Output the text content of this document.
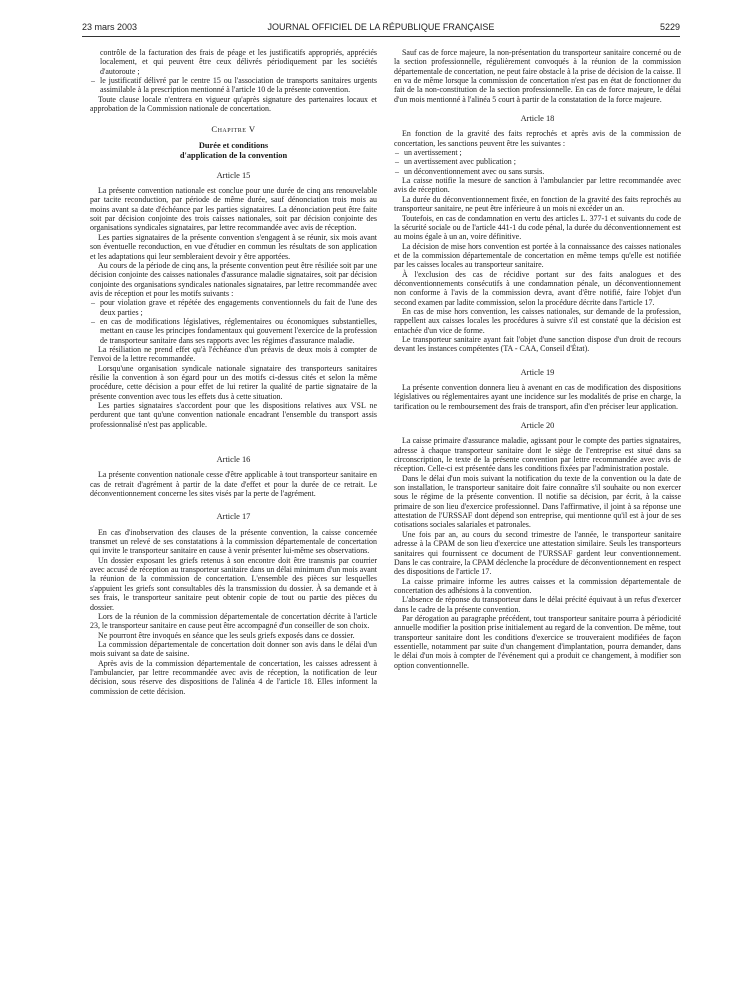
23 mars 2003	JOURNAL OFFICIEL DE LA RÉPUBLIQUE FRANÇAISE	5229
contrôle de la facturation des frais de péage et les justificatifs appropriés, appréciés localement, et qui peuvent être ceux délivrés périodiquement par les sociétés d'autoroute ;
– le justificatif délivré par le centre 15 ou l'association de transports sanitaires urgents assimilable à la prescription mentionné à l'article 10 de la présente convention.

Toute clause locale n'entrera en vigueur qu'après signature des partenaires locaux et approbation de la Commission nationale de concertation.

Chapitre V
Durée et conditions
d'application de la convention
Article 15

La présente convention nationale est conclue pour une durée de cinq ans renouvelable par tacite reconduction, par période de même durée, sauf dénonciation trois mois au moins avant sa date d'échéance par les parties signataires. La dénonciation peut être faite soit par décision conjointe des trois caisses nationales, soit par décision conjointe des organisations syndicales signataires, par lettre recommandée avec avis de réception.

Les parties signataires de la présente convention s'engagent à se réunir, six mois avant son éventuelle reconduction, en vue d'étudier en commun les résultats de son application et les adaptations qui leur sembleraient devoir y être apportées.

Au cours de la période de cinq ans, la présente convention peut être résiliée soit par une décision conjointe des caisses nationales d'assurance maladie signataires, soit par décision conjointe des organisations syndicales nationales signataires, par lettre recommandée avec avis de réception et pour les motifs suivants :

– pour violation grave et répétée des engagements conventionnels du fait de l'une des deux parties ;
– en cas de modifications législatives, réglementaires ou économiques substantielles, mettant en cause les principes fondamentaux qui gouvernent l'exercice de la profession de transporteur sanitaire dans ses rapports avec les régimes d'assurance maladie.

La résiliation ne prend effet qu'à l'échéance d'un préavis de deux mois à compter de l'envoi de la lettre recommandée.

Lorsqu'une organisation syndicale nationale signataire des transporteurs sanitaires résilie la convention à son égard pour un des motifs ci-dessus cités et selon la même procédure, cette décision a pour effet de lui retirer la qualité de partie signataire de la présente convention avec tous les effets dus à cette situation.

Les parties signataires s'accordent pour que les dispositions relatives aux VSL ne perdurent que tant qu'une convention nationale encadrant l'ensemble du transport assis professionnalisé n'est pas applicable.

Article 16

La présente convention nationale cesse d'être applicable à tout transporteur sanitaire en cas de retrait d'agrément à partir de la date d'effet et pour la durée de ce retrait. Le déconventionnement concerne les sites visés par la perte de l'agrément.

Article 17

En cas d'inobservation des clauses de la présente convention, la caisse concernée transmet un relevé de ses constatations à la commission départementale de concertation qui invite le transporteur sanitaire en cause à venir présenter lui-même ses observations.

Un dossier exposant les griefs retenus à son encontre doit être transmis par courrier avec accusé de réception au transporteur sanitaire dans un délai minimum d'un mois avant la réunion de la commission de concertation. L'ensemble des pièces sur lesquelles s'appuient les griefs sont consultables dès la transmission du dossier. À sa demande et à ses frais, le transporteur sanitaire peut obtenir copie de tout ou partie des pièces du dossier.

Lors de la réunion de la commission départementale de concertation décrite à l'article 23, le transporteur sanitaire en cause peut être accompagné d'un conseiller de son choix.

Ne pourront être invoqués en séance que les seuls griefs exposés dans ce dossier.

La commission départementale de concertation doit donner son avis dans le délai d'un mois suivant sa date de saisine.

Après avis de la commission départementale de concertation, les caisses adressent à l'ambulancier, par lettre recommandée avec avis de réception, la notification de leur décision, sous réserve des dispositions de l'alinéa 4 de l'article 18. Elles informent la commission de cette décision.

Sauf cas de force majeure, la non-présentation du transporteur sanitaire concerné ou de la section professionnelle, régulièrement convoqués à la réunion de la commission départementale de concertation, ne peut faire obstacle à la prise de décision de la caisse. Il en va de même lorsque la commission de concertation n'est pas en état de fonctionner du fait de la non-constitution de la section professionnelle. En cas de force majeure, le délai d'un mois mentionné à l'alinéa 5 court à partir de la constatation de la force majeure.

Article 18

En fonction de la gravité des faits reprochés et après avis de la commission de concertation, les sanctions peuvent être les suivantes :

– un avertissement ;
– un avertissement avec publication ;
– un déconventionnement avec ou sans sursis.

La caisse notifie la mesure de sanction à l'ambulancier par lettre recommandée avec avis de réception.

La durée du déconventionnement fixée, en fonction de la gravité des faits reprochés au transporteur sanitaire, ne peut être inférieure à un mois ni excéder un an.

Toutefois, en cas de condamnation en vertu des articles L. 377-1 et suivants du code de la sécurité sociale ou de l'article 441-1 du code pénal, la durée du déconventionnement est au moins égale à un an, voire définitive.

La décision de mise hors convention est portée à la connaissance des caisses nationales et de la commission départementale de concertation en même temps qu'elle est notifiée par les caisses locales au transporteur sanitaire.

À l'exclusion des cas de récidive portant sur des faits analogues et des déconventionnements consécutifs à une condamnation pénale, un déconventionnement non conforme à l'avis de la commission devra, avant d'être notifié, faire l'objet d'un second examen par ladite commission, selon la procédure décrite dans l'article 17.

En cas de mise hors convention, les caisses nationales, sur demande de la profession, rappellent aux caisses locales les procédures à suivre s'il est constaté que la décision est entachée d'un vice de forme.

Le transporteur sanitaire ayant fait l'objet d'une sanction dispose d'un droit de recours devant les instances compétentes (TA - CAA, Conseil d'État).

Article 19

La présente convention donnera lieu à avenant en cas de modification des dispositions législatives ou réglementaires ayant une incidence sur les modalités de prise en charge, la tarification ou le remboursement des frais de transport, afin d'en préciser leur application.

Article 20

La caisse primaire d'assurance maladie, agissant pour le compte des parties signataires, adresse à chaque transporteur sanitaire dont le siège de l'entreprise est situé dans sa circonscription, le texte de la présente convention par lettre recommandée avec avis de réception. Celle-ci est présentée dans les conditions fixées par l'administration postale.

Dans le délai d'un mois suivant la notification du texte de la convention ou la date de son installation, le transporteur sanitaire doit faire connaître s'il souhaite ou non exercer sous le régime de la présente convention. Il notifie sa décision, par écrit, à la caisse primaire de son lieu d'exercice professionnel. Dans l'affirmative, il joint à sa réponse une attestation de l'URSSAF dont dépend son entreprise, qui mentionne qu'il est à jour de ses cotisations sociales salariales et patronales.

Une fois par an, au cours du second trimestre de l'année, le transporteur sanitaire adresse à la CPAM de son lieu d'exercice une attestation similaire. Seuls les transporteurs sanitaires qui fournissent ce document de l'URSSAF gardent leur conventionnement. Dans le cas contraire, la CPAM déclenche la procédure de déconventionnement en respect des dispositions de l'article 17.

La caisse primaire informe les autres caisses et la commission départementale de concertation des adhésions à la convention.

L'absence de réponse du transporteur dans le délai précité équivaut à un refus d'exercer dans le cadre de la présente convention.

Par dérogation au paragraphe précédent, tout transporteur sanitaire pourra à périodicité annuelle modifier la position prise initialement au regard de la convention. De même, tout transporteur sanitaire dont les conditions d'exercice se trouveraient modifiées de façon essentielle, notamment par suite d'un changement d'implantation, pourra demander, dans le délai d'un mois à compter de l'événement qui a produit ce changement, à modifier son option conventionnelle.
